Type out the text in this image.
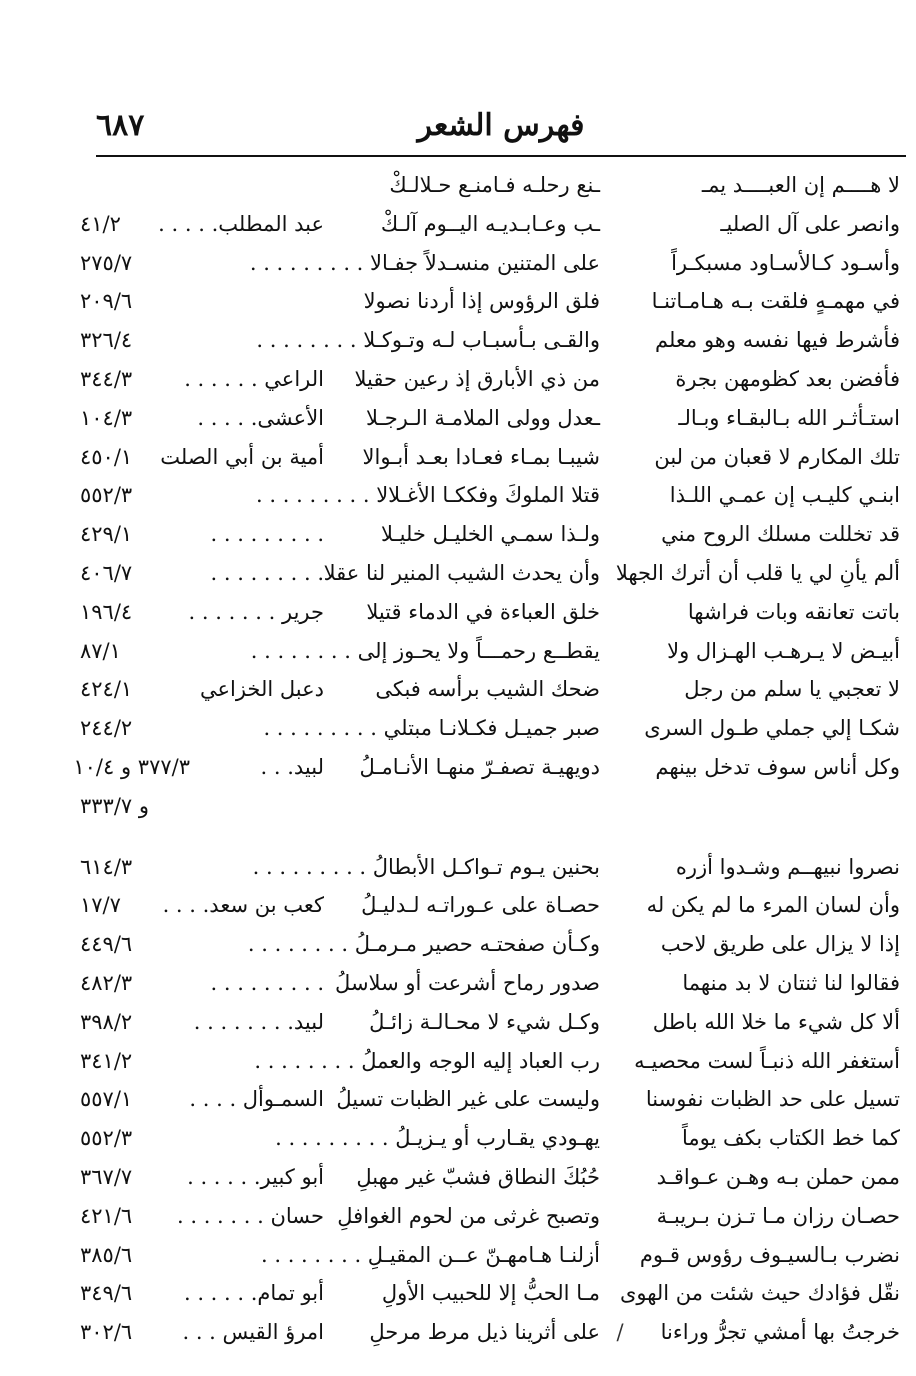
فهرس الشعر
٦٨٧
لا هــــم إن العبــــد يمـ
ـنع رحلـه فـامنـع حـلالـكْ
وانصر على آل الصليـ
ـب وعـابـديـه اليــوم آلـكْ
عبد المطلب. . . . .
٤١/٢
وأسـود كـالأسـاود مسبكـراً
على المتنين منسـدلاً جفـالا . . . . . . . . .
٢٧٥/٧
في مهمـهٍ فلقت بـه هـامـاتنـا
فلق الرؤوس إذا أردنا نصولا
٢٠٩/٦
فأشرط فيها نفسه وهو معلم
والقـى بـأسبـاب لـه وتـوكـلا . . . . . . . .
٣٢٦/٤
فأفضن بعد كظومهن بجرة
من ذي الأبارق إذ رعين حقيلا
الراعي . . . . . .
٣٤٤/٣
استـأثـر الله بـالبقـاء وبـالـ
ـعدل وولى الملامـة الـرجـلا
الأعشى. . . . .
١٠٤/٣
تلك المكارم لا قعبان من لبن
شيبـا بمـاء فعـادا بعـد أبـوالا
أمية بن أبي الصلت
٤٥٠/١
ابنـي كليـب إن عمـي اللـذا
قتلا الملوكَ وفككـا الأغـلالا . . . . . . . . .
٥٥٢/٣
قد تخللت مسلك الروح مني
ولـذا سمـي الخليـل خليـلا
. . . . . . . . .
٤٢٩/١
ألم يأنِ لي يا قلب أن أترك الجهلا
وأن يحدث الشيب المنير لنا عقلا
. . . . . . . . .
٤٠٦/٧
باتت تعانقه وبات فراشها
خلق العباءة في الدماء قتيلا
جرير . . . . . . .
١٩٦/٤
أبيـض لا يـرهـب الهـزال ولا
يقطــع رحمـــاً ولا يحـوز إلى . . . . . . . .
٨٧/١
لا تعجبي يا سلم من رجل
ضحك الشيب برأسه فبكى
دعبل الخزاعي
٤٢٤/١
شكـا إلي جملي طـول السرى
صبر جميـل فكـلانـا مبتلي . . . . . . . . .
٢٤٤/٢
وكل أناس سوف تدخل بينهم
دويهيـة تصفـرّ منهـا الأنـامـلُ
لبيد. . .
٣٧٧/٣ و ١٠/٤
و ٣٣٣/٧
نصروا نبيهــم وشـدوا أزره
بحنين يـوم تـواكـل الأبطالُ . . . . . . . . .
٦١٤/٣
وأن لسان المرء ما لم يكن له
حصـاة على عـوراتـه لـدليـلُ
كعب بن سعد. . . .
١٧/٧
إذا لا يزال على طريق لاحب
وكـأن صفحتـه حصير مـرمـلُ . . . . . . . .
٤٤٩/٦
فقالوا لنا ثنتان لا بد منهما
صدور رماح أشرعت أو سلاسلُ
. . . . . . . . .
٤٨٢/٣
ألا كل شيء ما خلا الله باطل
وكـل شيء لا محـالـة زائـلُ
لبيد. . . . . . . .
٣٩٨/٢
أستغفر الله ذنبـاً لست محصيـه
رب العباد إليه الوجه والعملُ . . . . . . . .
٣٤١/٢
تسيل على حد الظبات نفوسنا
وليست على غير الظبات تسيلُ
السمـوأل . . . .
٥٥٧/١
كما خط الكتاب بكف يوماً
يهـودي يقـارب أو يـزيـلُ . . . . . . . . .
٥٥٢/٣
ممن حملن بـه وهـن عـواقـد
حُبُكَ النطاق فشبّ غير مهبلِ
أبو كبير. . . . . .
٣٦٧/٧
حصـان رزان مـا تـزن بـريبـة
وتصبح غرثى من لحوم الغوافلِ
حسان . . . . . . .
٤٢١/٦
نضرب بـالسيـوف رؤوس قـوم
أزلنـا هـامهـنّ عــن المقيـلِ . . . . . . . .
٣٨٥/٦
نقّل فؤادك حيث شئت من الهوى
مـا الحبُّ إلا للحبيب الأولِ
أبو تمام. . . . . .
٣٤٩/٦
خرجتُ بها أمشي تجرُّ وراءنا
على أثرينا ذيل مرط مرحلِ
امرؤ القيس . . .
٣٠٢/٦	/
